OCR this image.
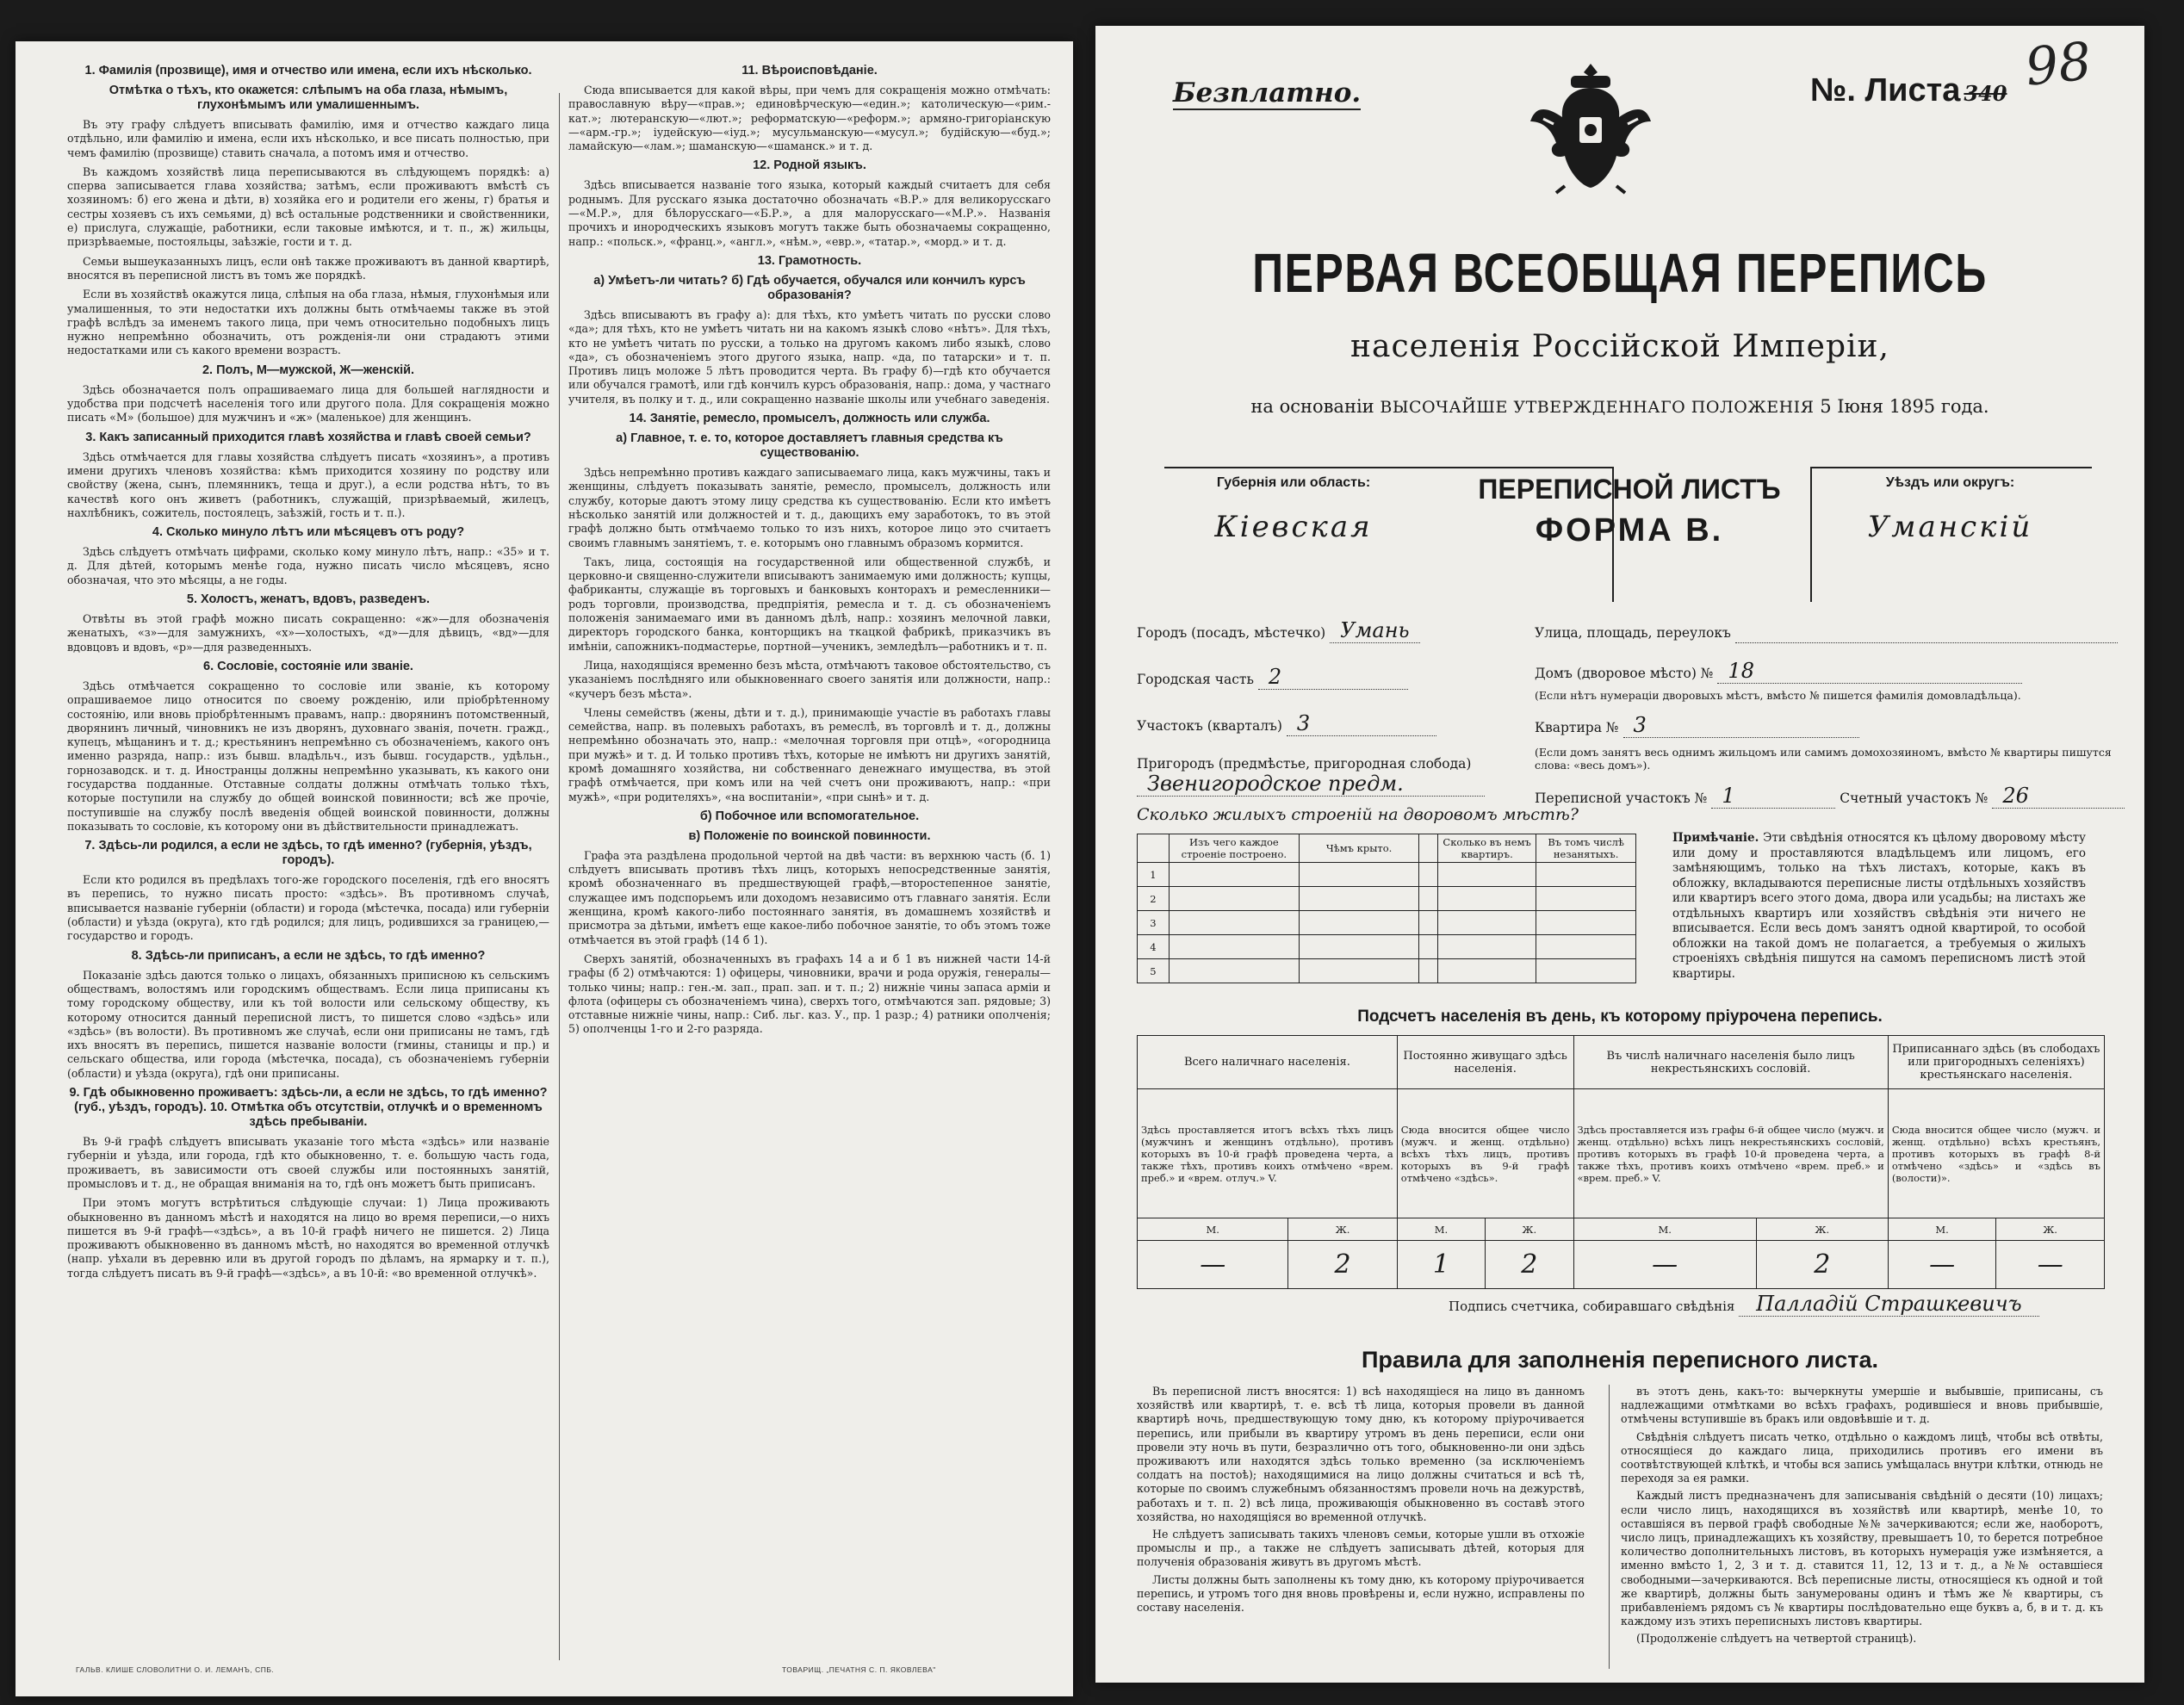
1. Фамилія (прозвище), имя и отчество или имена, если ихъ нѣсколько.
Отмѣтка о тѣхъ, кто окажется: слѣпымъ на оба глаза, нѣмымъ, глухонѣмымъ или умалишеннымъ.

Въ эту графу слѣдуетъ вписывать фамилію, имя и отчество каждаго лица отдѣльно, или фамилію и имена, если ихъ нѣсколько, и все писать полностью, при чемъ фамилію (прозвище) ставить сначала, а потомъ имя и отчество.

Въ каждомъ хозяйствѣ лица переписываются въ слѣдующемъ порядкѣ: а) сперва записывается глава хозяйства; затѣмъ, если проживаютъ вмѣстѣ съ хозяиномъ: б) его жена и дѣти, в) хозяйка его и родители его жены, г) братья и сестры хозяевъ съ ихъ семьями, д) всѣ остальные родственники и свойственники, е) прислуга, служащіе, работники, если таковые имѣются, и т. п., ж) жильцы, призрѣваемые, постояльцы, заѣзжіе, гости и т. д.

Семьи вышеуказанныхъ лицъ, если онѣ также проживаютъ въ данной квартирѣ, вносятся въ переписной листъ въ томъ же порядкѣ.

Если въ хозяйствѣ окажутся лица, слѣпыя на оба глаза, нѣмыя, глухонѣмыя или умалишенныя, то эти недостатки ихъ должны быть отмѣчаемы также въ этой графѣ вслѣдъ за именемъ такого лица, при чемъ относительно подобныхъ лицъ нужно непремѣнно обозначить, отъ рожденія-ли они страдаютъ этими недостатками или съ какого времени возрастъ.

2. Полъ, М—мужской, Ж—женскій.

Здѣсь обозначается полъ опрашиваемаго лица для большей наглядности и удобства при подсчетѣ населенія того или другого пола. Для сокращенія можно писать «М» (большое) для мужчинъ и «ж» (маленькое) для женщинъ.

3. Какъ записанный приходится главѣ хозяйства и главѣ своей семьи?

Здѣсь отмѣчается для главы хозяйства слѣдуетъ писать «хозяинъ», а противъ имени другихъ членовъ хозяйства: кѣмъ приходится хозяину по родству или свойству (жена, сынъ, племянникъ, теща и друг.), а если родства нѣтъ, то въ качествѣ кого онъ живетъ (работникъ, служащій, призрѣваемый, жилецъ, нахлѣбникъ, сожитель, постоялецъ, заѣзжій, гость и т. п.).

4. Сколько минуло лѣтъ или мѣсяцевъ отъ роду?

Здѣсь слѣдуетъ отмѣчать цифрами, сколько кому минуло лѣтъ, напр.: «35» и т. д. Для дѣтей, которымъ менѣе года, нужно писать число мѣсяцевъ, ясно обозначая, что это мѣсяцы, а не годы.

5. Холостъ, женатъ, вдовъ, разведенъ.

Отвѣты въ этой графѣ можно писать сокращенно: «ж»—для обозначенія женатыхъ, «з»—для замужнихъ, «х»—холостыхъ, «д»—для дѣвицъ, «вд»—для вдовцовъ и вдовъ, «р»—для разведенныхъ.

6. Сословіе, состояніе или званіе.

Здѣсь отмѣчается сокращенно то сословіе или званіе, къ которому опрашиваемое лицо относится по своему рожденію, или пріобрѣтенному состоянію, или вновь пріобрѣтеннымъ правамъ, напр.: дворянинъ потомственный, дворянинъ личный, чиновникъ не изъ дворянъ, духовнаго званія, почетн. гражд., купецъ, мѣщанинъ и т. д.; крестьянинъ непремѣнно съ обозначеніемъ, какого онъ именно разряда, напр.: изъ бывш. владѣльч., изъ бывш. государств., удѣльн., горнозаводск. и т. д. Иностранцы должны непремѣнно указывать, къ какого они государства подданные. Отставные солдаты должны отмѣчать только тѣхъ, которые поступили на службу до общей воинской повинности; всѣ же прочіе, поступившіе на службу послѣ введенія общей воинской повинности, должны показывать то сословіе, къ которому они въ дѣйствительности принадлежатъ.

7. Здѣсь-ли родился, а если не здѣсь, то гдѣ именно? (губернія, уѣздъ, городъ).

Если кто родился въ предѣлахъ того-же городского поселенія, гдѣ его вносятъ въ перепись, то нужно писать просто: «здѣсь». Въ противномъ случаѣ, вписывается названіе губерніи (области) и города (мѣстечка, посада) или губерніи (области) и уѣзда (округа), кто гдѣ родился; для лицъ, родившихся за границею,—государство и городъ.

8. Здѣсь-ли приписанъ, а если не здѣсь, то гдѣ именно?

Показаніе здѣсь даются только о лицахъ, обязанныхъ приписною къ сельскимъ обществамъ, волостямъ или городскимъ обществамъ. Если лица приписаны къ тому городскому обществу, или къ той волости или сельскому обществу, къ которому относится данный переписной листъ, то пишется слово «здѣсь» или «здѣсь» (въ волости). Въ противномъ же случаѣ, если они приписаны не тамъ, гдѣ ихъ вносятъ въ перепись, пишется названіе волости (гмины, станицы и пр.) и сельскаго общества, или города (мѣстечка, посада), съ обозначеніемъ губерніи (области) и уѣзда (округа), гдѣ они приписаны.

9. Гдѣ обыкновенно проживаетъ: здѣсь-ли, а если не здѣсь, то гдѣ именно? (губ., уѣздъ, городъ). 10. Отмѣтка объ отсутствіи, отлучкѣ и о временномъ здѣсь пребываніи.

Въ 9-й графѣ слѣдуетъ вписывать указаніе того мѣста «здѣсь» или названіе губерніи и уѣзда, или города, гдѣ кто обыкновенно, т. е. большую часть года, проживаетъ, въ зависимости отъ своей службы или постоянныхъ занятій, промысловъ и т. д., не обращая вниманія на то, гдѣ онъ можетъ быть приписанъ.

При этомъ могутъ встрѣтиться слѣдующіе случаи: 1) Лица проживають обыкновенно въ данномъ мѣстѣ и находятся на лицо во время переписи,—о нихъ пишется въ 9-й графѣ—«здѣсь», а въ 10-й графѣ ничего не пишется. 2) Лица проживаютъ обыкновенно въ данномъ мѣстѣ, но находятся во временной отлучкѣ (напр. уѣхали въ деревню или въ другой городъ по дѣламъ, на ярмарку и т. п.), тогда слѣдуетъ писать въ 9-й графѣ—«здѣсь», а въ 10-й: «во временной отлучкѣ».

11. Вѣроисповѣданіе.

Сюда вписывается для какой вѣры, при чемъ для сокращенія можно отмѣчать: православную вѣру—«прав.»; единовѣрческую—«един.»; католическую—«рим.-кат.»; лютеранскую—«лют.»; реформатскую—«реформ.»; армяно-григоріанскую—«арм.-гр.»; іудейскую—«іуд.»; мусульманскую—«мусул.»; будійскую—«буд.»; ламайскую—«лам.»; шаманскую—«шаманск.» и т. д.

12. Родной языкъ.

Здѣсь вписывается названіе того языка, который каждый считаетъ для себя роднымъ. Для русскаго языка достаточно обозначать «В.Р.» для великорусскаго—«М.Р.», для бѣлорусскаго—«Б.Р.», а для малорусскаго—«М.Р.». Названія прочихъ и инородческихъ языковъ могутъ также быть обозначаемы сокращенно, напр.: «польск.», «франц.», «англ.», «нѣм.», «евр.», «татар.», «морд.» и т. д.

13. Грамотность.
а) Умѣетъ-ли читать? б) Гдѣ обучается, обучался или кончилъ курсъ образованія?

Здѣсь вписываютъ въ графу а): для тѣхъ, кто умѣетъ читать по русски слово «да»; для тѣхъ, кто не умѣетъ читать ни на какомъ языкѣ слово «нѣтъ». Для тѣхъ, кто не умѣетъ читать по русски, а только на другомъ какомъ либо языкѣ, слово «да», съ обозначеніемъ этого другого языка, напр. «да, по татарски» и т. п. Противъ лицъ моложе 5 лѣтъ проводится черта. Въ графу б)—гдѣ кто обучается или обучался грамотѣ, или гдѣ кончилъ курсъ образованія, напр.: дома, у частнаго учителя, въ полку и т. д., или сокращенно названіе школы или учебнаго заведенія.

14. Занятіе, ремесло, промыселъ, должность или служба.
а) Главное, т. е. то, которое доставляетъ главныя средства къ существованію.

Здѣсь непремѣнно противъ каждаго записываемаго лица, какъ мужчины, такъ и женщины, слѣдуетъ показывать занятіе, ремесло, промыселъ, должность или службу, которые даютъ этому лицу средства къ существованію. Если кто имѣетъ нѣсколько занятій или должностей и т. д., дающихъ ему заработокъ, то въ этой графѣ должно быть отмѣчаемо только то изъ нихъ, которое лицо это считаетъ своимъ главнымъ занятіемъ, т. е. которымъ оно главнымъ образомъ кормится.

Такъ, лица, состоящія на государственной или общественной службѣ, и церковно-и священно-служители вписываютъ занимаемую ими должность; купцы, фабриканты, служащіе въ торговыхъ и банковыхъ конторахъ и ремесленники—родъ торговли, производства, предпріятія, ремесла и т. д. съ обозначеніемъ положенія занимаемаго ими въ данномъ дѣлѣ, напр.: хозяинъ мелочной лавки, директоръ городского банка, конторщикъ на ткацкой фабрикѣ, приказчикъ въ имѣніи, сапожникъ-подмастерье, портной—ученикъ, земледѣлъ—работникъ и т. п.

Лица, находящіяся временно безъ мѣста, отмѣчаютъ таковое обстоятельство, съ указаніемъ послѣдняго или обыкновеннаго своего занятія или должности, напр.: «кучеръ безъ мѣста».

Члены семействъ (жены, дѣти и т. д.), принимающіе участіе въ работахъ главы семейства, напр. въ полевыхъ работахъ, въ ремеслѣ, въ торговлѣ и т. д., должны непремѣнно обозначать это, напр.: «мелочная торговля при отцѣ», «огородница при мужѣ» и т. д. И только противъ тѣхъ, которые не имѣютъ ни другихъ занятій, кромѣ домашняго хозяйства, ни собственнаго денежнаго имущества, въ этой графѣ отмѣчается, при комъ или на чей счетъ они проживаютъ, напр.: «при мужѣ», «при родителяхъ», «на воспитаніи», «при сынѣ» и т. д.

б) Побочное или вспомогательное.
в) Положеніе по воинской повинности.

Графа эта раздѣлена продольной чертой на двѣ части: въ верхнюю часть (б. 1) слѣдуетъ вписывать противъ тѣхъ лицъ, которыхъ непосредственные занятія, кромѣ обозначеннаго въ предшествующей графѣ,—второстепенное занятіе, служащее имъ подспорьемъ или доходомъ независимо отъ главнаго занятія. Если женщина, кромѣ какого-либо постояннаго занятія, въ домашнемъ хозяйствѣ и присмотра за дѣтьми, имѣетъ еще какое-либо побочное занятіе, то объ этомъ тоже отмѣчается въ этой графѣ (14 б 1).

Сверхъ занятій, обозначенныхъ въ графахъ 14 а и б 1 въ нижней части 14-й графы (б 2) отмѣчаются: 1) офицеры, чиновники, врачи и рода оружія, генералы—только чины; напр.: ген.-м. зап., прап. зап. и т. п.; 2) нижніе чины запаса арміи и флота (офицеры съ обозначеніемъ чина), сверхъ того, отмѣчаются зап. рядовые; 3) отставные нижніе чины, напр.: Сиб. льг. каз. У., пр. 1 разр.; 4) ратники ополченія; 5) ополченцы 1-го и 2-го разряда.

ГАЛЬВ. КЛИШЕ СЛОВОЛИТНИ О. И. ЛЕМАНЪ, СПБ.	ТОВАРИЩ. „ПЕЧАТНЯ С. П. ЯКОВЛЕВА"
Безплатно.	№. Листа 340 98
ПЕРВАЯ ВСЕОБЩАЯ ПЕРЕПИСЬ
населенія Россійской Имперіи,
на основаніи ВЫСОЧАЙШЕ УТВЕРЖДЕННАГО ПОЛОЖЕНІЯ 5 Іюня 1895 года.
Губернія или область:
Кіевская
ПЕРЕПИСНОЙ ЛИСТЪ
ФОРМА В.
Уѣздъ или округъ:
Уманскій
Городъ (посадъ, мѣстечко) Умань
Городская часть 2
Участокъ (кварталъ) 3
Пригородъ (предмѣстье, пригородная слобода)
Звенигородское предм.
Улица, площадь, переулокъ
Домъ (дворовое мѣсто) № 18
(Если нѣтъ нумераціи дворовыхъ мѣстъ, вмѣсто № пишется фамилія домовладѣльца).
Квартира № 3
(Если домъ занятъ весь однимъ жильцомъ или самимъ домохозяиномъ, вмѣсто № квартиры пишутся слова: «весь домъ»).
Переписной участокъ № 1	Счетный участокъ № 26
Сколько жилыхъ строеній на дворовомъ мѣстѣ?
	Изъ чего каждое строеніе построено.	Чѣмъ крыто.		Сколько въ немъ квартиръ.	Въ томъ числѣ незанятыхъ.
1					
2					
3					
4					
5					
Примѣчаніе. Эти свѣдѣнія относятся къ цѣлому дворовому мѣсту или дому и проставляются владѣльцемъ или лицомъ, его замѣняющимъ, только на тѣхъ листахъ, которые, какъ въ обложку, вкладываются переписные листы отдѣльныхъ хозяйствъ или квартиръ всего этого дома, двора или усадьбы; на листахъ же отдѣльныхъ квартиръ или хозяйствъ свѣдѣнія эти ничего не вписывается. Если весь домъ занятъ одной квартирой, то особой обложки на такой домъ не полагается, а требуемыя о жилыхъ строеніяхъ свѣдѣнія пишутся на самомъ переписномъ листѣ этой квартиры.
Подсчетъ населенія въ день, къ которому пріурочена перепись.
Всего наличнаго населенія.		Постоянно живущаго здѣсь населенія.		Въ числѣ наличнаго населенія было лицъ некрестьянскихъ сословій.		Приписаннаго здѣсь (въ слободахъ или пригородныхъ селеніяхъ) крестьянскаго населенія.	
Здѣсь проставляется итогъ всѣхъ тѣхъ лицъ (мужчинъ и женщинъ отдѣльно), противъ которыхъ въ 10-й графѣ проведена черта, а также тѣхъ, противъ коихъ отмѣчено «врем. преб.» и «врем. отлуч.» V.		Сюда вносится общее число (мужч. и женщ. отдѣльно) всѣхъ тѣхъ лицъ, противъ которыхъ въ 9-й графѣ отмѣчено «здѣсь».		Здѣсь проставляется изъ графы 6-й общее число (мужч. и женщ. отдѣльно) всѣхъ лицъ некрестьянскихъ сословій, противъ которыхъ въ графѣ 10-й проведена черта, а также тѣхъ, противъ коихъ отмѣчено «врем. преб.» и «врем. преб.» V.		Сюда вносится общее число (мужч. и женщ. отдѣльно) всѣхъ крестьянъ, противъ которыхъ въ графѣ 8-й отмѣчено «здѣсь» и «здѣсь въ (волости)».	
М.	Ж.	М.	Ж.	М.	Ж.	М.	Ж.
—	2	1	2	—	2	—	—
Подпись счетчика, собиравшаго свѣдѣнія Палладій Страшкевичъ
Правила для заполненія переписного листа.

Въ переписной листъ вносятся: 1) всѣ находящіеся на лицо въ данномъ хозяйствѣ или квартирѣ, т. е. всѣ тѣ лица, которыя провели въ данной квартирѣ ночь, предшествующую тому дню, къ которому пріурочивается перепись, или прибыли въ квартиру утромъ въ день переписи, если они провели эту ночь въ пути, безразлично отъ того, обыкновенно-ли они здѣсь проживаютъ или находятся здѣсь только временно (за исключеніемъ солдатъ на постоѣ); находящимися на лицо должны считаться и всѣ тѣ, которые по своимъ служебнымъ обязанностямъ провели ночь на дежурствѣ, работахъ и т. п. 2) всѣ лица, проживающія обыкновенно въ составѣ этого хозяйства, но находящіяся во временной отлучкѣ.

Не слѣдуетъ записывать такихъ членовъ семьи, которые ушли въ отхожіе промыслы и пр., а также не слѣдуетъ записывать дѣтей, которыя для полученія образованія живутъ въ другомъ мѣстѣ.

Листы должны быть заполнены къ тому дню, къ которому пріурочивается перепись, и утромъ того дня вновь провѣрены и, если нужно, исправлены по составу населенія.

въ этотъ день, какъ-то: вычеркнуты умершіе и выбывшіе, приписаны, съ надлежащими отмѣтками во всѣхъ графахъ, родившіеся и вновь прибывшіе, отмѣчены вступившіе въ бракъ или овдовѣвшіе и т. д.

Свѣдѣнія слѣдуетъ писать четко, отдѣльно о каждомъ лицѣ, чтобы всѣ отвѣты, относящіеся до каждаго лица, приходились противъ его имени въ соотвѣтствующей клѣткѣ, и чтобы вся запись умѣщалась внутри клѣтки, отнюдь не переходя за ея рамки.

Каждый листъ предназначенъ для записыванія свѣдѣній о десяти (10) лицахъ; если число лицъ, находящихся въ хозяйствѣ или квартирѣ, менѣе 10, то оставшіяся въ первой графѣ свободные №№ зачеркиваются; если же, наоборотъ, число лицъ, принадлежащихъ къ хозяйству, превышаетъ 10, то берется потребное количество дополнительныхъ листовъ, въ которыхъ нумерація уже измѣняется, а именно вмѣсто 1, 2, 3 и т. д. ставится 11, 12, 13 и т. д., а №№ оставшіеся свободными—зачеркиваются. Всѣ переписные листы, относящіеся къ одной и той же квартирѣ, должны быть занумерованы одинъ и тѣмъ же № квартиры, съ прибавленіемъ рядомъ съ № квартиры послѣдовательно еще буквъ а, б, в и т. д. къ каждому изъ этихъ переписныхъ листовъ квартиры.

(Продолженіе слѣдуетъ на четвертой страницѣ).
